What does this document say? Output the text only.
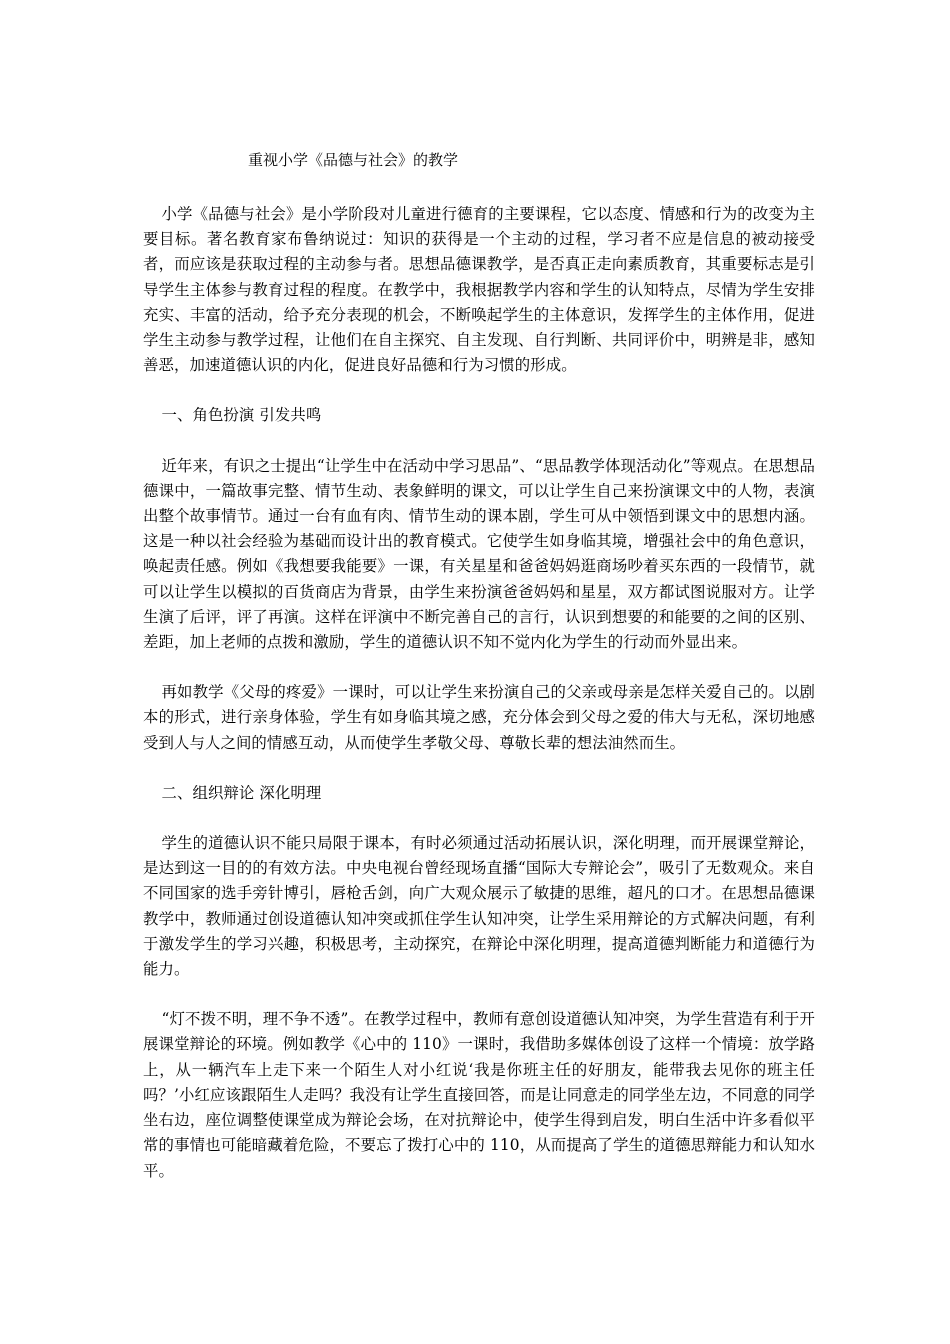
重视小学《品德与社会》的教学

小学《品德与社会》是小学阶段对儿童进行德育的主要课程，它以态度、情感和行为的改变为主要目标。著名教育家布鲁纳说过：知识的获得是一个主动的过程，学习者不应是信息的被动接受者，而应该是获取过程的主动参与者。思想品德课教学，是否真正走向素质教育，其重要标志是引导学生主体参与教育过程的程度。在教学中，我根据教学内容和学生的认知特点，尽情为学生安排充实、丰富的活动，给予充分表现的机会，不断唤起学生的主体意识，发挥学生的主体作用，促进学生主动参与教学过程，让他们在自主探究、自主发现、自行判断、共同评价中，明辨是非，感知善恶，加速道德认识的内化，促进良好品德和行为习惯的形成。

一、角色扮演 引发共鸣

近年来，有识之士提出“让学生中在活动中学习思品”、“思品教学体现活动化”等观点。在思想品德课中，一篇故事完整、情节生动、表象鲜明的课文，可以让学生自己来扮演课文中的人物，表演出整个故事情节。通过一台有血有肉、情节生动的课本剧，学生可从中领悟到课文中的思想内涵。这是一种以社会经验为基础而设计出的教育模式。它使学生如身临其境，增强社会中的角色意识，唤起责任感。例如《我想要我能要》一课，有关星星和爸爸妈妈逛商场吵着买东西的一段情节，就可以让学生以模拟的百货商店为背景，由学生来扮演爸爸妈妈和星星，双方都试图说服对方。让学生演了后评，评了再演。这样在评演中不断完善自己的言行，认识到想要的和能要的之间的区别、差距，加上老师的点拨和激励，学生的道德认识不知不觉内化为学生的行动而外显出来。

再如教学《父母的疼爱》一课时，可以让学生来扮演自己的父亲或母亲是怎样关爱自己的。以剧本的形式，进行亲身体验，学生有如身临其境之感，充分体会到父母之爱的伟大与无私，深切地感受到人与人之间的情感互动，从而使学生孝敬父母、尊敬长辈的想法油然而生。

二、组织辩论 深化明理

学生的道德认识不能只局限于课本，有时必须通过活动拓展认识，深化明理，而开展课堂辩论，是达到这一目的的有效方法。中央电视台曾经现场直播“国际大专辩论会”，吸引了无数观众。来自不同国家的选手旁针博引，唇枪舌剑，向广大观众展示了敏捷的思维，超凡的口才。在思想品德课教学中，教师通过创设道德认知冲突或抓住学生认知冲突，让学生采用辩论的方式解决问题，有利于激发学生的学习兴趣，积极思考，主动探究，在辩论中深化明理，提高道德判断能力和道德行为能力。

“灯不拨不明，理不争不透”。在教学过程中，教师有意创设道德认知冲突，为学生营造有利于开展课堂辩论的环境。例如教学《心中的 110》一课时，我借助多媒体创设了这样一个情境：放学路上，从一辆汽车上走下来一个陌生人对小红说‘我是你班主任的好朋友，能带我去见你的班主任吗？’小红应该跟陌生人走吗？我没有让学生直接回答，而是让同意走的同学坐左边，不同意的同学坐右边，座位调整使课堂成为辩论会场，在对抗辩论中，使学生得到启发，明白生活中许多看似平常的事情也可能暗藏着危险，不要忘了拨打心中的 110，从而提高了学生的道德思辩能力和认知水平。
